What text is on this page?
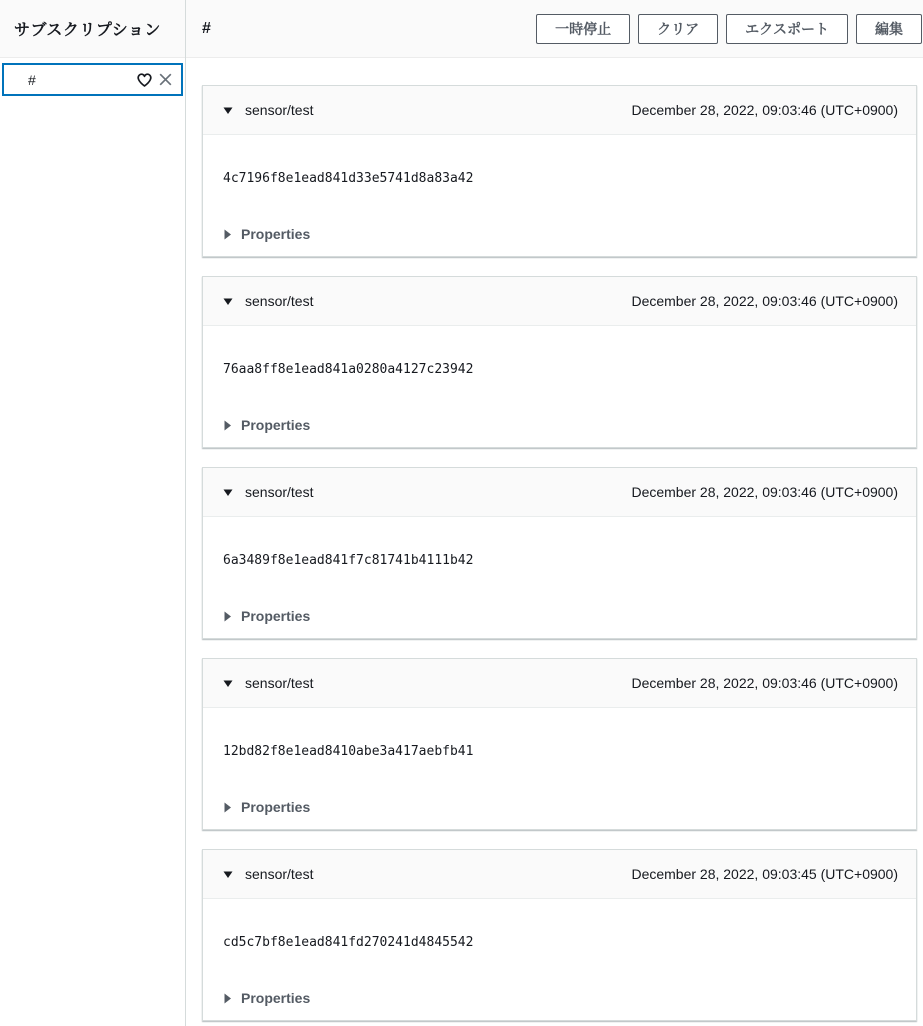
サブスクリプション
#
#	一時停止	クリア	エクスポート	編集
sensor/test	December 28, 2022, 09:03:46 (UTC+0900)
4c7196f8e1ead841d33e5741d8a83a42
Properties
sensor/test	December 28, 2022, 09:03:46 (UTC+0900)
76aa8ff8e1ead841a0280a4127c23942
Properties
sensor/test	December 28, 2022, 09:03:46 (UTC+0900)
6a3489f8e1ead841f7c81741b4111b42
Properties
sensor/test	December 28, 2022, 09:03:46 (UTC+0900)
12bd82f8e1ead8410abe3a417aebfb41
Properties
sensor/test	December 28, 2022, 09:03:45 (UTC+0900)
cd5c7bf8e1ead841fd270241d4845542
Properties
